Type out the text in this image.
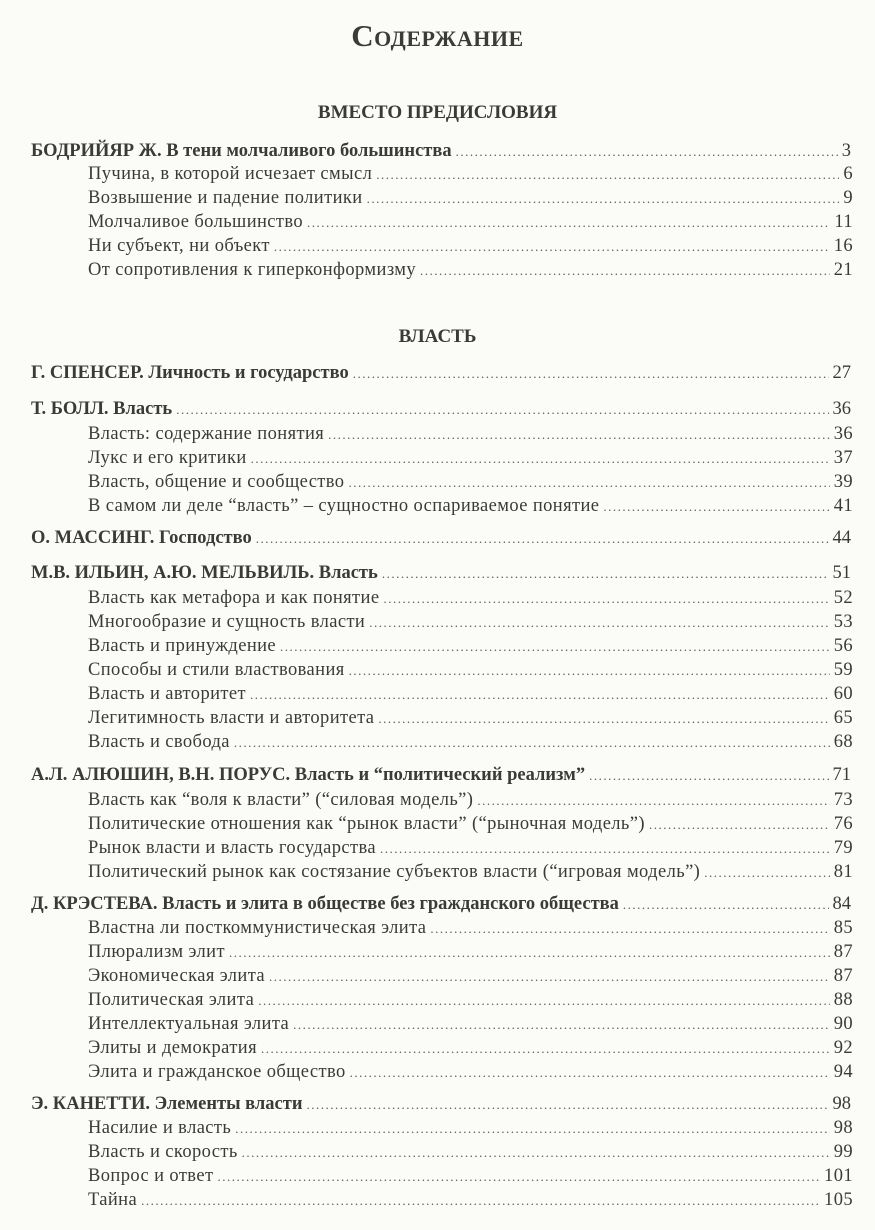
Содержание
ВМЕСТО ПРЕДИСЛОВИЯ
ВЛАСТЬ
БОДРИЙЯР Ж. В тени молчаливого большинства .....	3
Пучина, в которой исчезает смысл .....	6
Возвышение и падение политики .....	9
Молчаливое большинство .....	11
Ни субъект, ни объект .....	16
От сопротивления к гиперконформизму .....	21
Г. СПЕНСЕР. Личность и государство .....	27
Т. БОЛЛ. Власть .....	36
Власть: содержание понятия .....	36
Лукс и его критики .....	37
Власть, общение и сообщество .....	39
В самом ли деле “власть” – сущностно оспариваемое понятие .....	41
О. МАССИНГ. Господство .....	44
М.В. ИЛЬИН, А.Ю. МЕЛЬВИЛЬ. Власть .....	51
Власть как метафора и как понятие .....	52
Многообразие и сущность власти .....	53
Власть и принуждение .....	56
Способы и стили властвования .....	59
Власть и авторитет .....	60
Легитимность власти и авторитета .....	65
Власть и свобода .....	68
А.Л. АЛЮШИН, В.Н. ПОРУС. Власть и “политический реализм” .....	71
Власть как “воля к власти” (“силовая модель”) .....	73
Политические отношения как “рынок власти” (“рыночная модель”) .....	76
Рынок власти и власть государства .....	79
Политический рынок как состязание субъектов власти (“игровая модель”) .....	81
Д. КРЭСТЕВА. Власть и элита в обществе без гражданского общества .....	84
Властна ли посткоммунистическая элита .....	85
Плюрализм элит .....	87
Экономическая элита .....	87
Политическая элита .....	88
Интеллектуальная элита .....	90
Элиты и демократия .....	92
Элита и гражданское общество .....	94
Э. КАНЕТТИ. Элементы власти .....	98
Насилие и власть .....	98
Власть и скорость .....	99
Вопрос и ответ .....	101
Тайна .....	105
